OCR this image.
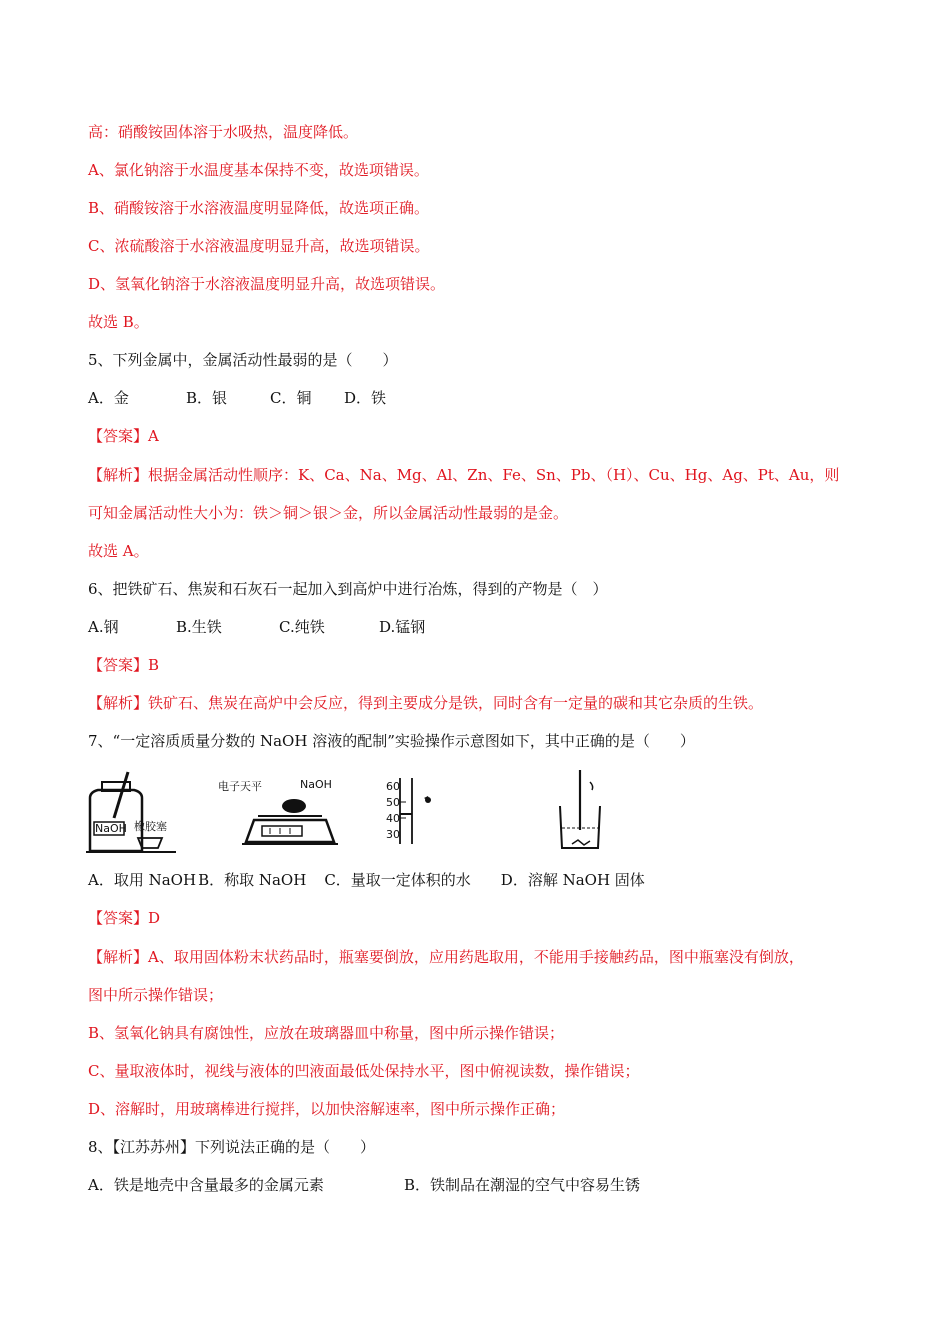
高：硝酸铵固体溶于水吸热，温度降低。
A、氯化钠溶于水温度基本保持不变，故选项错误。
B、硝酸铵溶于水溶液温度明显降低，故选项正确。
C、浓硫酸溶于水溶液温度明显升高，故选项错误。
D、氢氧化钠溶于水溶液温度明显升高，故选项错误。
故选 B。
5、下列金属中，金属活动性最弱的是（　　）
A．金	B．银	C．铜 D．铁
【答案】A
【解析】根据金属活动性顺序：K、Ca、Na、Mg、Al、Zn、Fe、Sn、Pb、（H）、Cu、Hg、Ag、Pt、Au，则
可知金属活动性大小为：铁＞铜＞银＞金，所以金属活动性最弱的是金。
故选 A。
6、把铁矿石、焦炭和石灰石一起加入到高炉中进行冶炼，得到的产物是（　）
A.钢	B.生铁	C.纯铁	D.锰钢
【答案】B
【解析】铁矿石、焦炭在高炉中会反应，得到主要成分是铁，同时含有一定量的碳和其它杂质的生铁。
7、“一定溶质质量分数的 NaOH 溶液的配制”实验操作示意图如下，其中正确的是（　　）
NaOH 橡胶塞
电子天平	NaOH	60
50
40
30
A．取用 NaOH B．称取 NaOH C．量取一定体积的水 D．溶解 NaOH 固体
【答案】D
【解析】A、取用固体粉末状药品时，瓶塞要倒放，应用药匙取用，不能用手接触药品，图中瓶塞没有倒放，
图中所示操作错误；
B、氢氧化钠具有腐蚀性，应放在玻璃器皿中称量，图中所示操作错误；
C、量取液体时，视线与液体的凹液面最低处保持水平，图中俯视读数，操作错误；
D、溶解时，用玻璃棒进行搅拌，以加快溶解速率，图中所示操作正确；
8、【江苏苏州】下列说法正确的是（　　）
A．铁是地壳中含量最多的金属元素	B．铁制品在潮湿的空气中容易生锈
